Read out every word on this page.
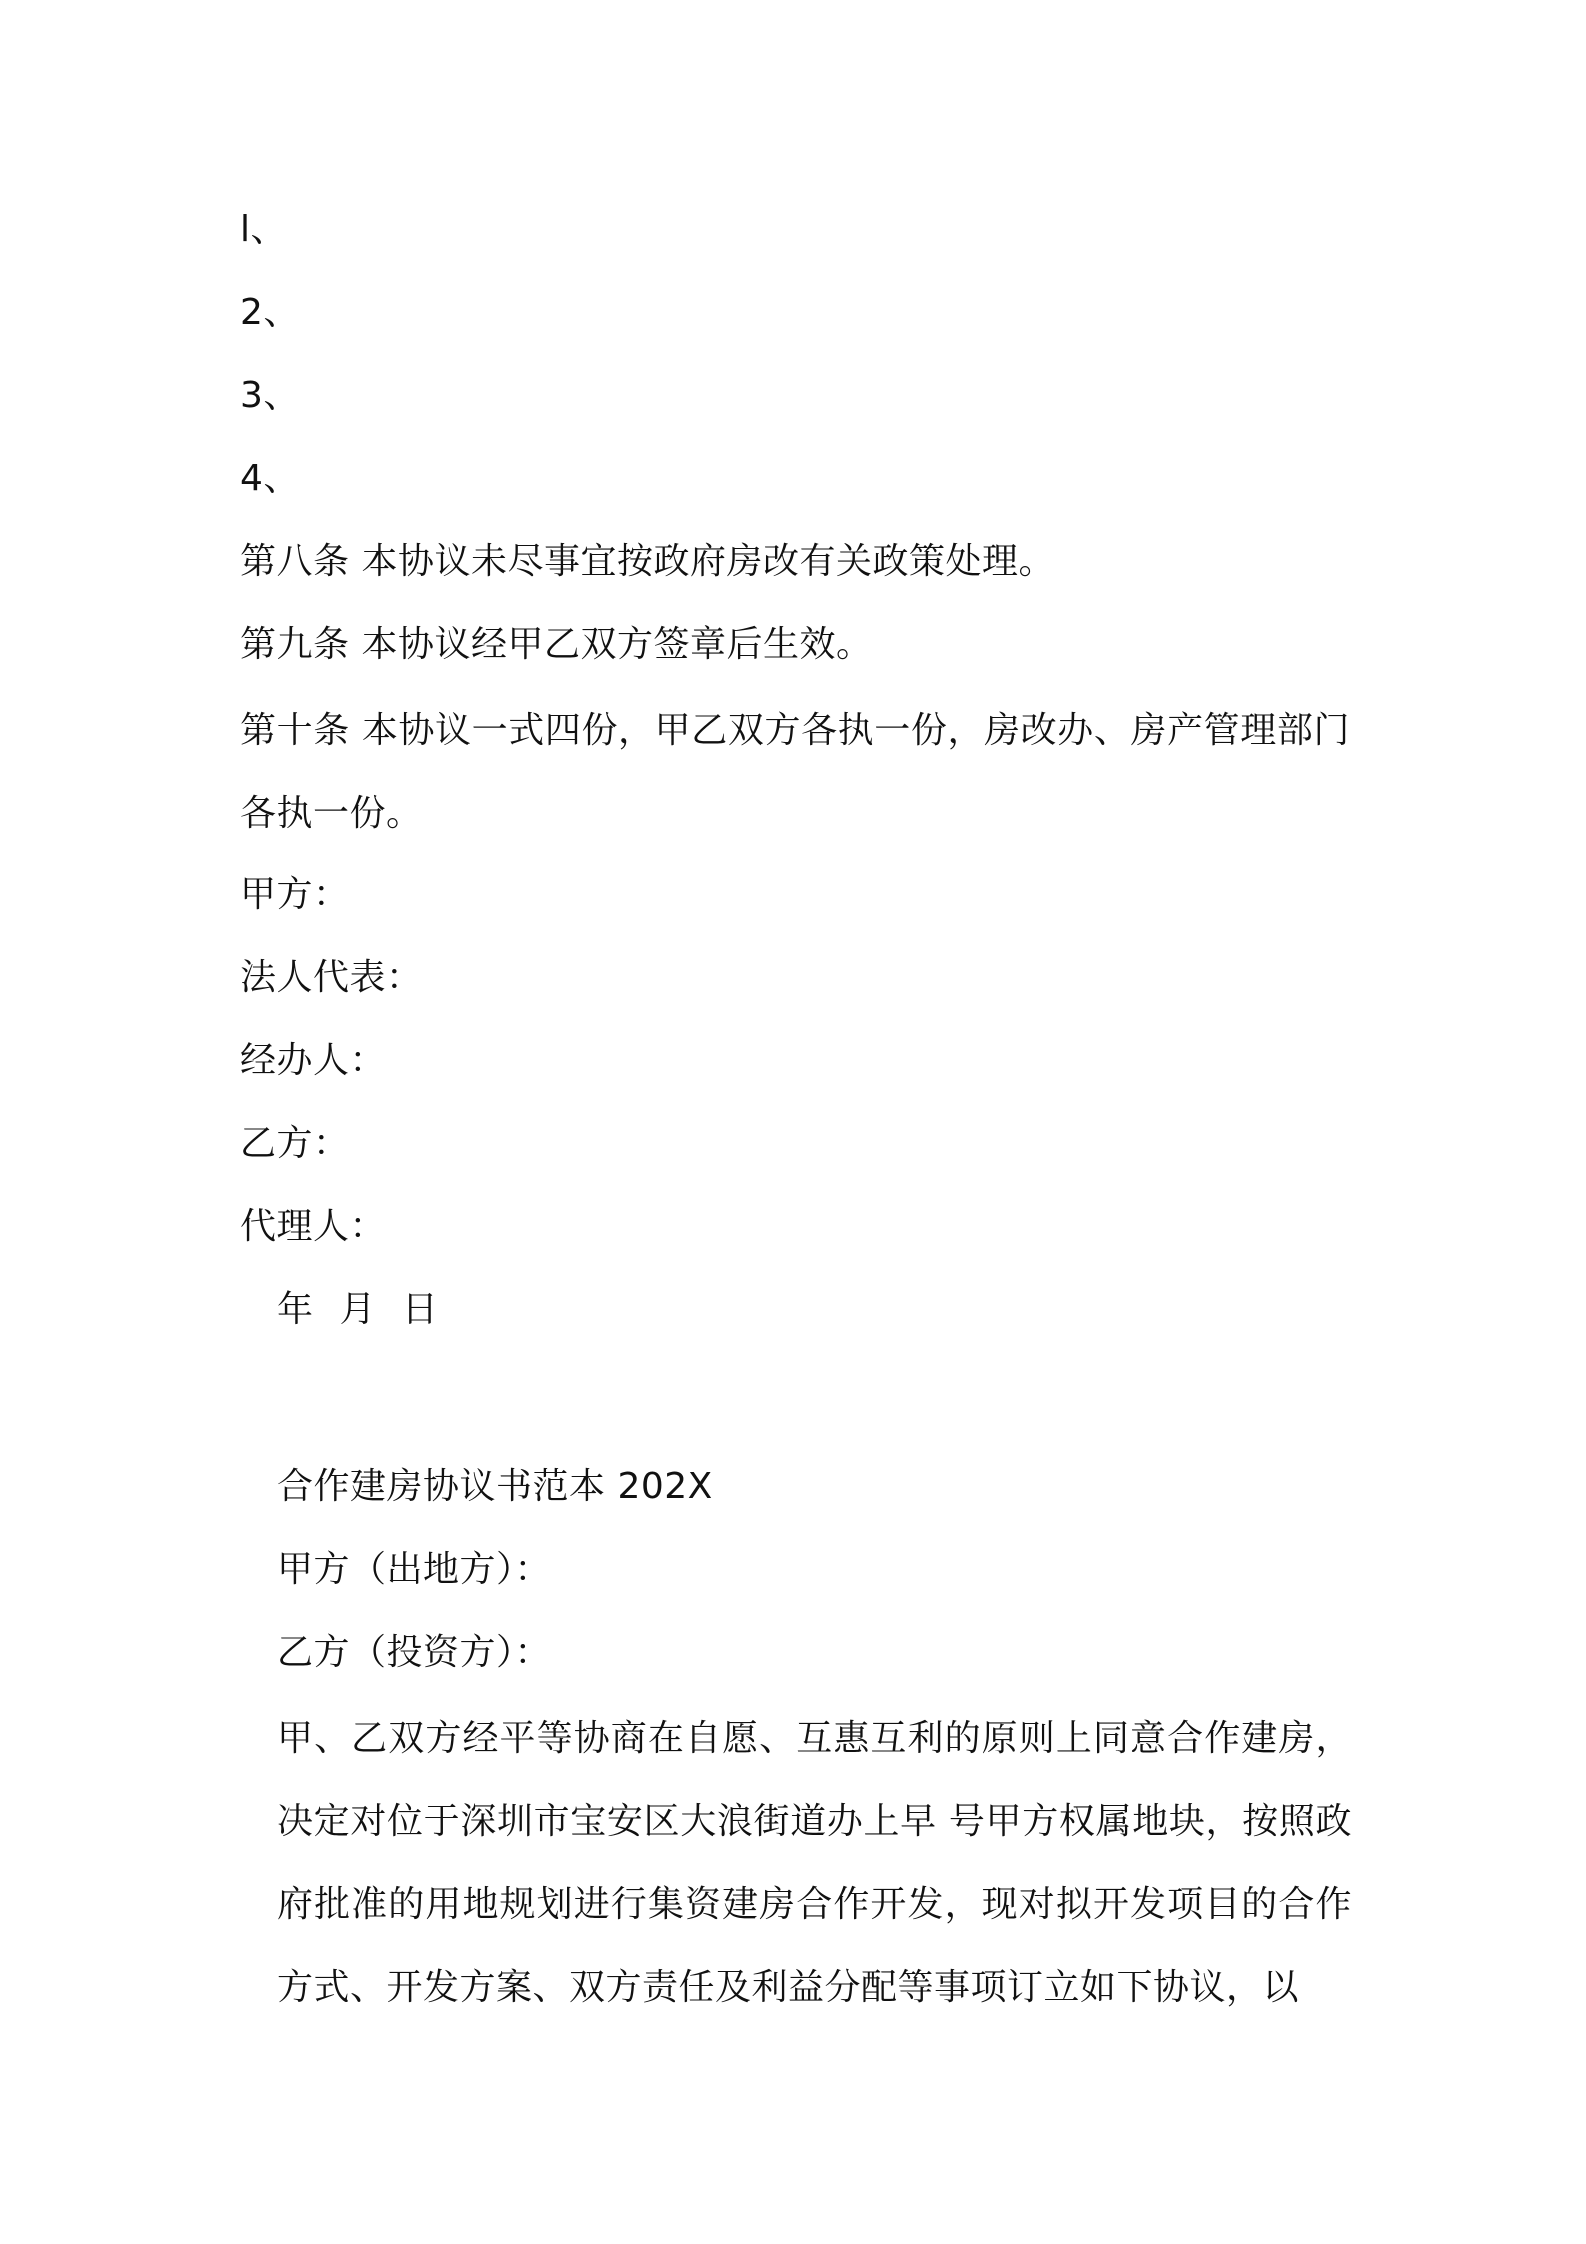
l、
2、
3、
4、
第八条 本协议未尽事宜按政府房改有关政策处理。
第九条 本协议经甲乙双方签章后生效。
第十条 本协议一式四份，甲乙双方各执一份，房改办、房产管理部门各执一份。
甲方：
法人代表：
经办人：
乙方：
代理人：
年 月 日
合作建房协议书范本 202X
甲方（出地方）：
乙方（投资方）：
甲、乙双方经平等协商在自愿、互惠互利的原则上同意合作建房，决定对位于深圳市宝安区大浪街道办上早 号甲方权属地块，按照政府批准的用地规划进行集资建房合作开发，现对拟开发项目的合作方式、开发方案、双方责任及利益分配等事项订立如下协议，以
